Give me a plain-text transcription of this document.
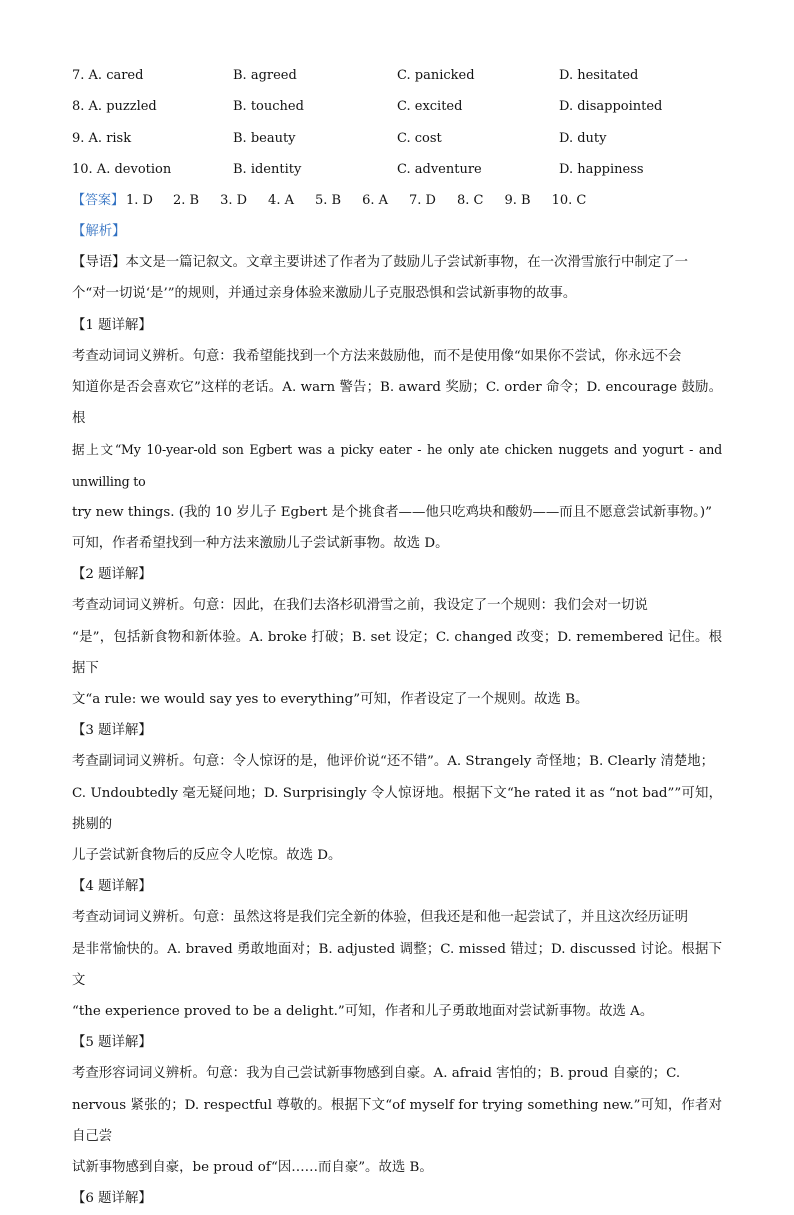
7. A. cared	B. agreed	C. panicked	D. hesitated
8. A. puzzled	B. touched	C. excited	D. disappointed
9. A. risk	B. beauty	C. cost	D. duty
10. A. devotion	B. identity	C. adventure	D. happiness
【答案】 1. D 2. B 3. D 4. A 5. B 6. A 7. D 8. C 9. B 10. C
【解析】
【导语】本文是一篇记叙文。文章主要讲述了作者为了鼓励儿子尝试新事物，在一次滑雪旅行中制定了一
个“对一切说‘是’”的规则，并通过亲身体验来激励儿子克服恐惧和尝试新事物的故事。
【1 题详解】
考查动词词义辨析。句意：我希望能找到一个方法来鼓励他，而不是使用像“如果你不尝试，你永远不会
知道你是否会喜欢它”这样的老话。A. warn 警告；B. award 奖励；C. order 命令；D. encourage 鼓励。根
据上文“My 10-year-old son Egbert was a picky eater - he only ate chicken nuggets and yogurt - and unwilling to
try new things. (我的 10 岁儿子 Egbert 是个挑食者——他只吃鸡块和酸奶——而且不愿意尝试新事物。)”
可知，作者希望找到一种方法来激励儿子尝试新事物。故选 D。
【2 题详解】
考查动词词义辨析。句意：因此，在我们去洛杉矶滑雪之前，我设定了一个规则：我们会对一切说
“是”，包括新食物和新体验。A. broke 打破；B. set 设定；C. changed 改变；D. remembered 记住。根据下
文“a rule: we would say yes to everything”可知，作者设定了一个规则。故选 B。
【3 题详解】
考查副词词义辨析。句意：令人惊讶的是，他评价说“还不错”。A. Strangely 奇怪地；B. Clearly 清楚地；
C. Undoubtedly 毫无疑问地；D. Surprisingly 令人惊讶地。根据下文“he rated it as “not bad””可知，挑剔的
儿子尝试新食物后的反应令人吃惊。故选 D。
【4 题详解】
考查动词词义辨析。句意：虽然这将是我们完全新的体验，但我还是和他一起尝试了，并且这次经历证明
是非常愉快的。A. braved 勇敢地面对；B. adjusted 调整；C. missed 错过；D. discussed 讨论。根据下文
“the experience proved to be a delight.”可知，作者和儿子勇敢地面对尝试新事物。故选 A。
【5 题详解】
考查形容词词义辨析。句意：我为自己尝试新事物感到自豪。A. afraid 害怕的；B. proud 自豪的；C.
nervous 紧张的；D. respectful 尊敬的。根据下文“of myself for trying something new.”可知，作者对自己尝
试新事物感到自豪，be proud of“因……而自豪”。故选 B。
【6 题详解】
